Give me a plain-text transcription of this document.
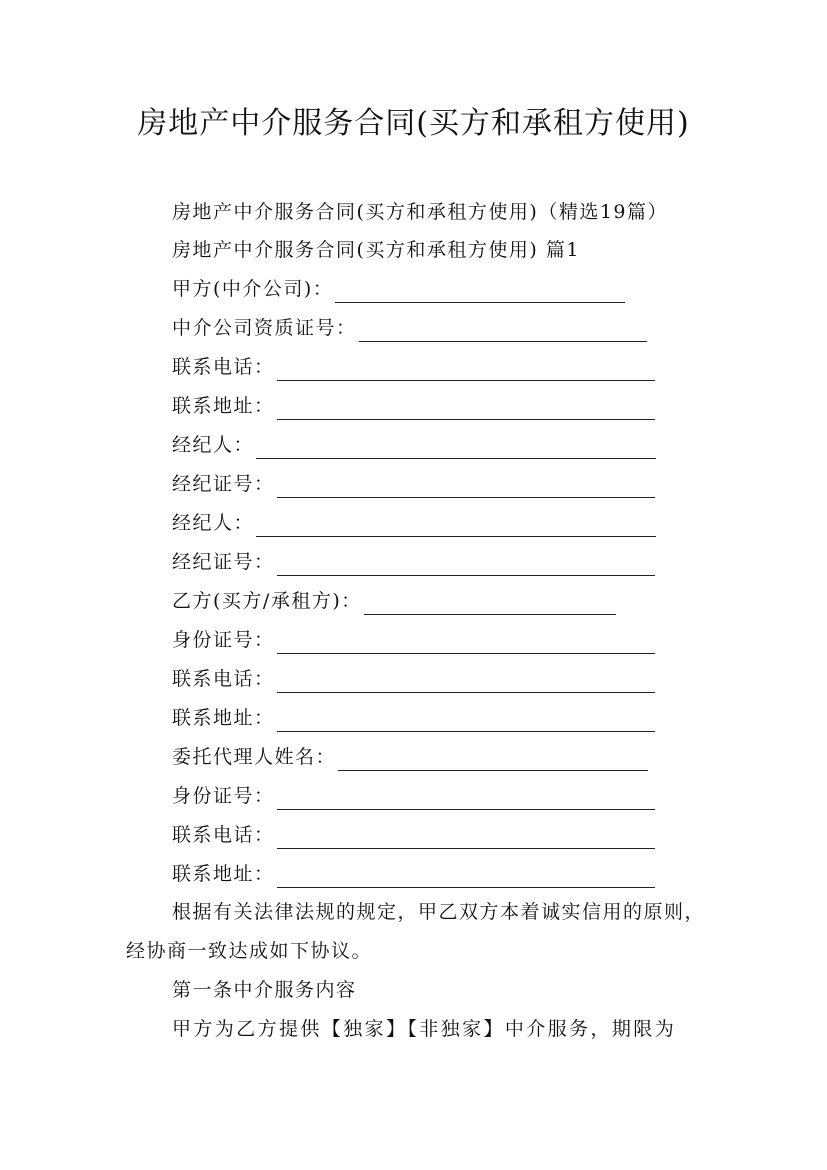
房地产中介服务合同(买方和承租方使用)
房地产中介服务合同(买方和承租方使用)（精选19篇）
房地产中介服务合同(买方和承租方使用) 篇1
甲方(中介公司)：
中介公司资质证号：
联系电话：
联系地址：
经纪人：
经纪证号：
经纪人：
经纪证号：
乙方(买方/承租方)：
身份证号：
联系电话：
联系地址：
委托代理人姓名：
身份证号：
联系电话：
联系地址：
根据有关法律法规的规定，甲乙双方本着诚实信用的原则，经协商一致达成如下协议。
第一条中介服务内容
甲方为乙方提供【独家】【非独家】中介服务，期限为
